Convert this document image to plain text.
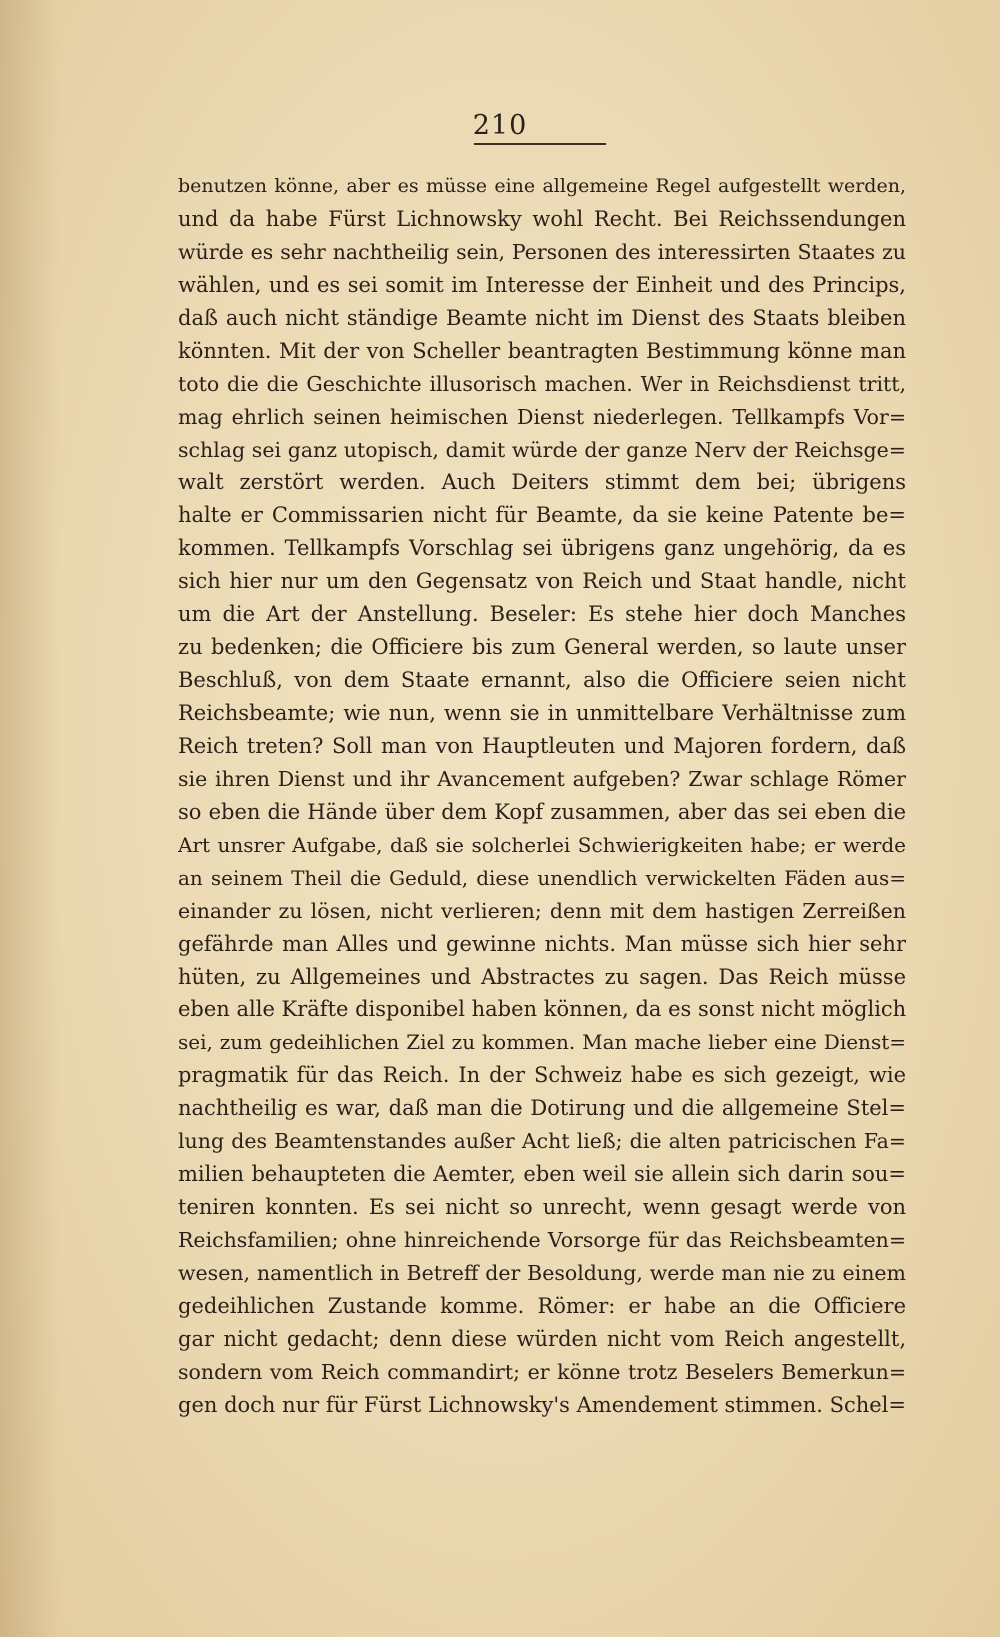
210
benutzen könne, aber es müsse eine allgemeine Regel aufgestellt werden,
und da habe Fürst Lichnowsky wohl Recht. Bei Reichssendungen
würde es sehr nachtheilig sein, Personen des interessirten Staates zu
wählen, und es sei somit im Interesse der Einheit und des Princips,
daß auch nicht ständige Beamte nicht im Dienst des Staats bleiben
könnten. Mit der von Scheller beantragten Bestimmung könne man
toto die die Geschichte illusorisch machen. Wer in Reichsdienst tritt,
mag ehrlich seinen heimischen Dienst niederlegen. Tellkampfs Vor=
schlag sei ganz utopisch, damit würde der ganze Nerv der Reichsge=
walt zerstört werden. Auch Deiters stimmt dem bei; übrigens
halte er Commissarien nicht für Beamte, da sie keine Patente be=
kommen. Tellkampfs Vorschlag sei übrigens ganz ungehörig, da es
sich hier nur um den Gegensatz von Reich und Staat handle, nicht
um die Art der Anstellung. Beseler: Es stehe hier doch Manches
zu bedenken; die Officiere bis zum General werden, so laute unser
Beschluß, von dem Staate ernannt, also die Officiere seien nicht
Reichsbeamte; wie nun, wenn sie in unmittelbare Verhältnisse zum
Reich treten? Soll man von Hauptleuten und Majoren fordern, daß
sie ihren Dienst und ihr Avancement aufgeben? Zwar schlage Römer
so eben die Hände über dem Kopf zusammen, aber das sei eben die
Art unsrer Aufgabe, daß sie solcherlei Schwierigkeiten habe; er werde
an seinem Theil die Geduld, diese unendlich verwickelten Fäden aus=
einander zu lösen, nicht verlieren; denn mit dem hastigen Zerreißen
gefährde man Alles und gewinne nichts. Man müsse sich hier sehr
hüten, zu Allgemeines und Abstractes zu sagen. Das Reich müsse
eben alle Kräfte disponibel haben können, da es sonst nicht möglich
sei, zum gedeihlichen Ziel zu kommen. Man mache lieber eine Dienst=
pragmatik für das Reich. In der Schweiz habe es sich gezeigt, wie
nachtheilig es war, daß man die Dotirung und die allgemeine Stel=
lung des Beamtenstandes außer Acht ließ; die alten patricischen Fa=
milien behaupteten die Aemter, eben weil sie allein sich darin sou=
teniren konnten. Es sei nicht so unrecht, wenn gesagt werde von
Reichsfamilien; ohne hinreichende Vorsorge für das Reichsbeamten=
wesen, namentlich in Betreff der Besoldung, werde man nie zu einem
gedeihlichen Zustande komme. Römer: er habe an die Officiere
gar nicht gedacht; denn diese würden nicht vom Reich angestellt,
sondern vom Reich commandirt; er könne trotz Beselers Bemerkun=
gen doch nur für Fürst Lichnowsky's Amendement stimmen. Schel=
